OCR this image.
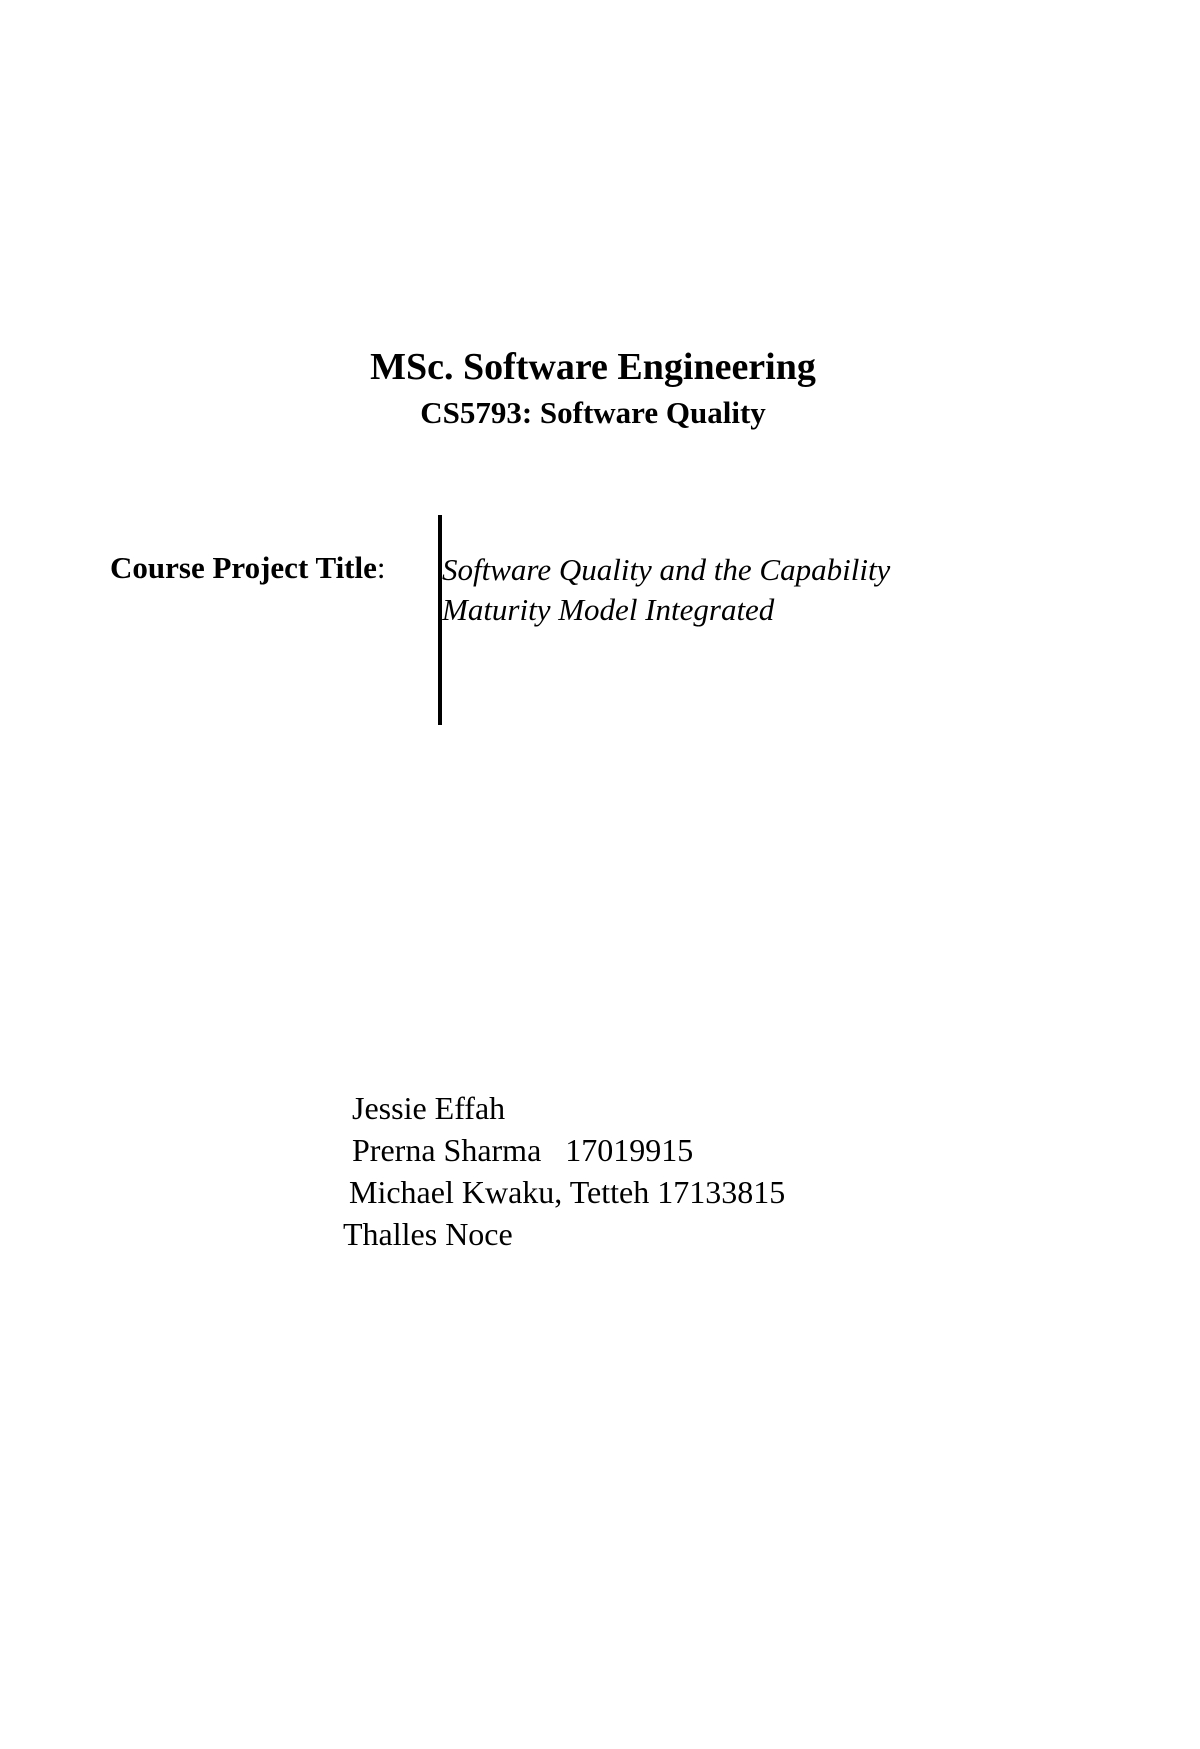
MSc. Software Engineering
CS5793: Software Quality
Course Project Title: Software Quality and the Capability
Maturity Model Integrated
Jessie Effah
Prerna Sharma   17019915
Michael Kwaku, Tetteh 17133815
Thalles Noce
